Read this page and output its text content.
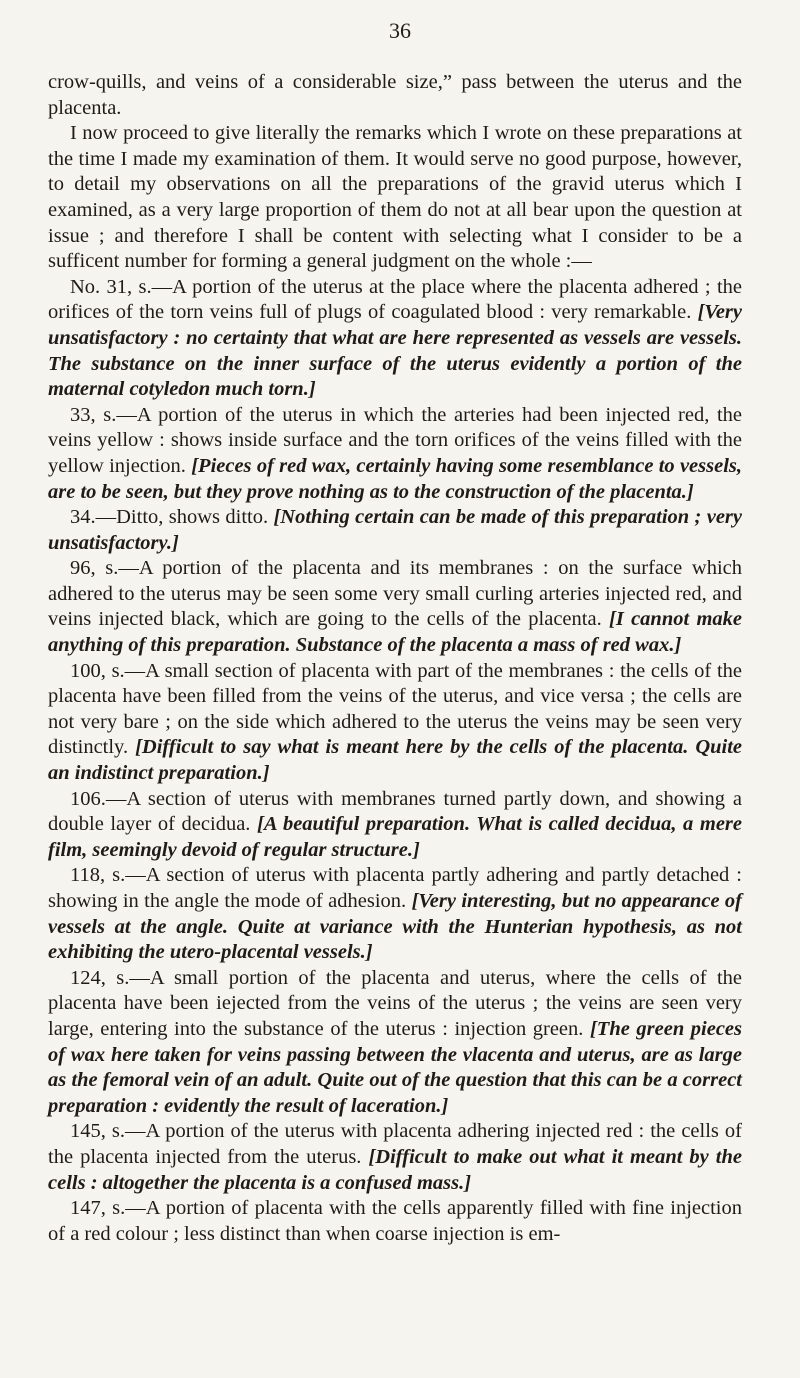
36

crow-quills, and veins of a considerable size,” pass between the uterus and the placenta.

I now proceed to give literally the remarks which I wrote on these preparations at the time I made my examination of them. It would serve no good purpose, however, to detail my observations on all the preparations of the gravid uterus which I examined, as a very large proportion of them do not at all bear upon the question at issue ; and therefore I shall be content with selecting what I consider to be a sufficent number for forming a general judgment on the whole :—

No. 31, s.—A portion of the uterus at the place where the placenta adhered ; the orifices of the torn veins full of plugs of coagulated blood : very remarkable. [Very unsatisfactory : no certainty that what are here represented as vessels are vessels. The substance on the inner surface of the uterus evidently a portion of the maternal cotyledon much torn.]

33, s.—A portion of the uterus in which the arteries had been injected red, the veins yellow : shows inside surface and the torn orifices of the veins filled with the yellow injection. [Pieces of red wax, certainly having some resemblance to vessels, are to be seen, but they prove nothing as to the construction of the placenta.]

34.—Ditto, shows ditto. [Nothing certain can be made of this preparation ; very unsatisfactory.]

96, s.—A portion of the placenta and its membranes : on the surface which adhered to the uterus may be seen some very small curling arteries injected red, and veins injected black, which are going to the cells of the placenta. [I cannot make anything of this preparation. Substance of the placenta a mass of red wax.]

100, s.—A small section of placenta with part of the membranes : the cells of the placenta have been filled from the veins of the uterus, and vice versa ; the cells are not very bare ; on the side which adhered to the uterus the veins may be seen very distinctly. [Difficult to say what is meant here by the cells of the placenta. Quite an indistinct preparation.]

106.—A section of uterus with membranes turned partly down, and showing a double layer of decidua. [A beautiful preparation. What is called decidua, a mere film, seemingly devoid of regular structure.]

118, s.—A section of uterus with placenta partly adhering and partly detached : showing in the angle the mode of adhesion. [Very interesting, but no appearance of vessels at the angle. Quite at variance with the Hunterian hypothesis, as not exhibiting the utero-placental vessels.]

124, s.—A small portion of the placenta and uterus, where the cells of the placenta have been iejected from the veins of the uterus ; the veins are seen very large, entering into the substance of the uterus : injection green. [The green pieces of wax here taken for veins passing between the vlacenta and uterus, are as large as the femoral vein of an adult. Quite out of the question that this can be a correct preparation : evidently the result of laceration.]

145, s.—A portion of the uterus with placenta adhering injected red : the cells of the placenta injected from the uterus. [Difficult to make out what it meant by the cells : altogether the placenta is a confused mass.]

147, s.—A portion of placenta with the cells apparently filled with fine injection of a red colour ; less distinct than when coarse injection is em-
